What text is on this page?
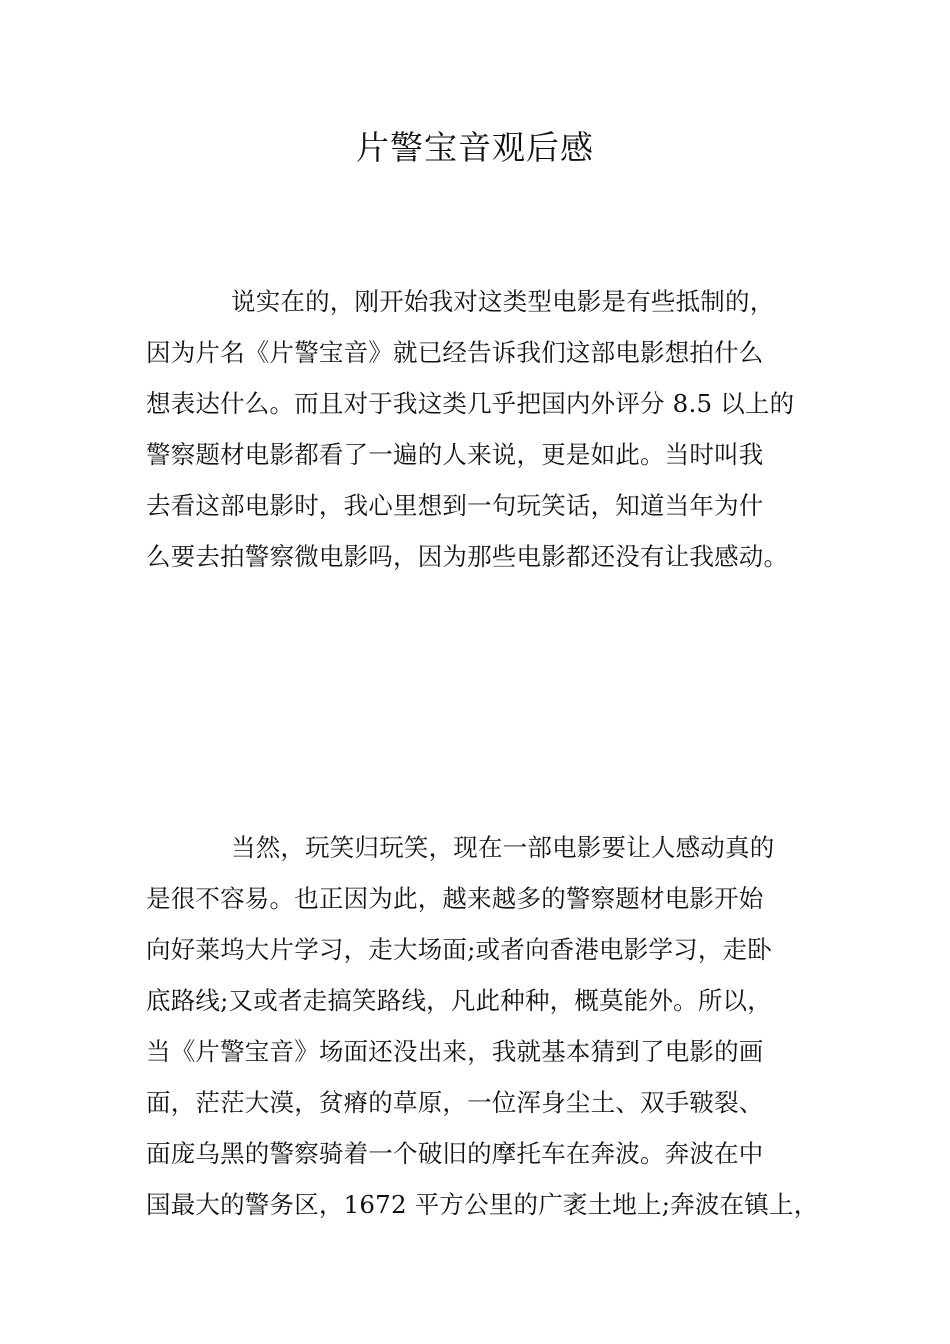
片警宝音观后感
说实在的，刚开始我对这类型电影是有些抵制的，
因为片名《片警宝音》就已经告诉我们这部电影想拍什么
想表达什么。而且对于我这类几乎把国内外评分 8.5 以上的
警察题材电影都看了一遍的人来说，更是如此。当时叫我
去看这部电影时，我心里想到一句玩笑话，知道当年为什
么要去拍警察微电影吗，因为那些电影都还没有让我感动。
当然，玩笑归玩笑，现在一部电影要让人感动真的
是很不容易。也正因为此，越来越多的警察题材电影开始
向好莱坞大片学习，走大场面;或者向香港电影学习，走卧
底路线;又或者走搞笑路线，凡此种种，概莫能外。所以，
当《片警宝音》场面还没出来，我就基本猜到了电影的画
面，茫茫大漠，贫瘠的草原，一位浑身尘土、双手皲裂、
面庞乌黑的警察骑着一个破旧的摩托车在奔波。奔波在中
国最大的警务区，1672 平方公里的广袤土地上;奔波在镇上，
